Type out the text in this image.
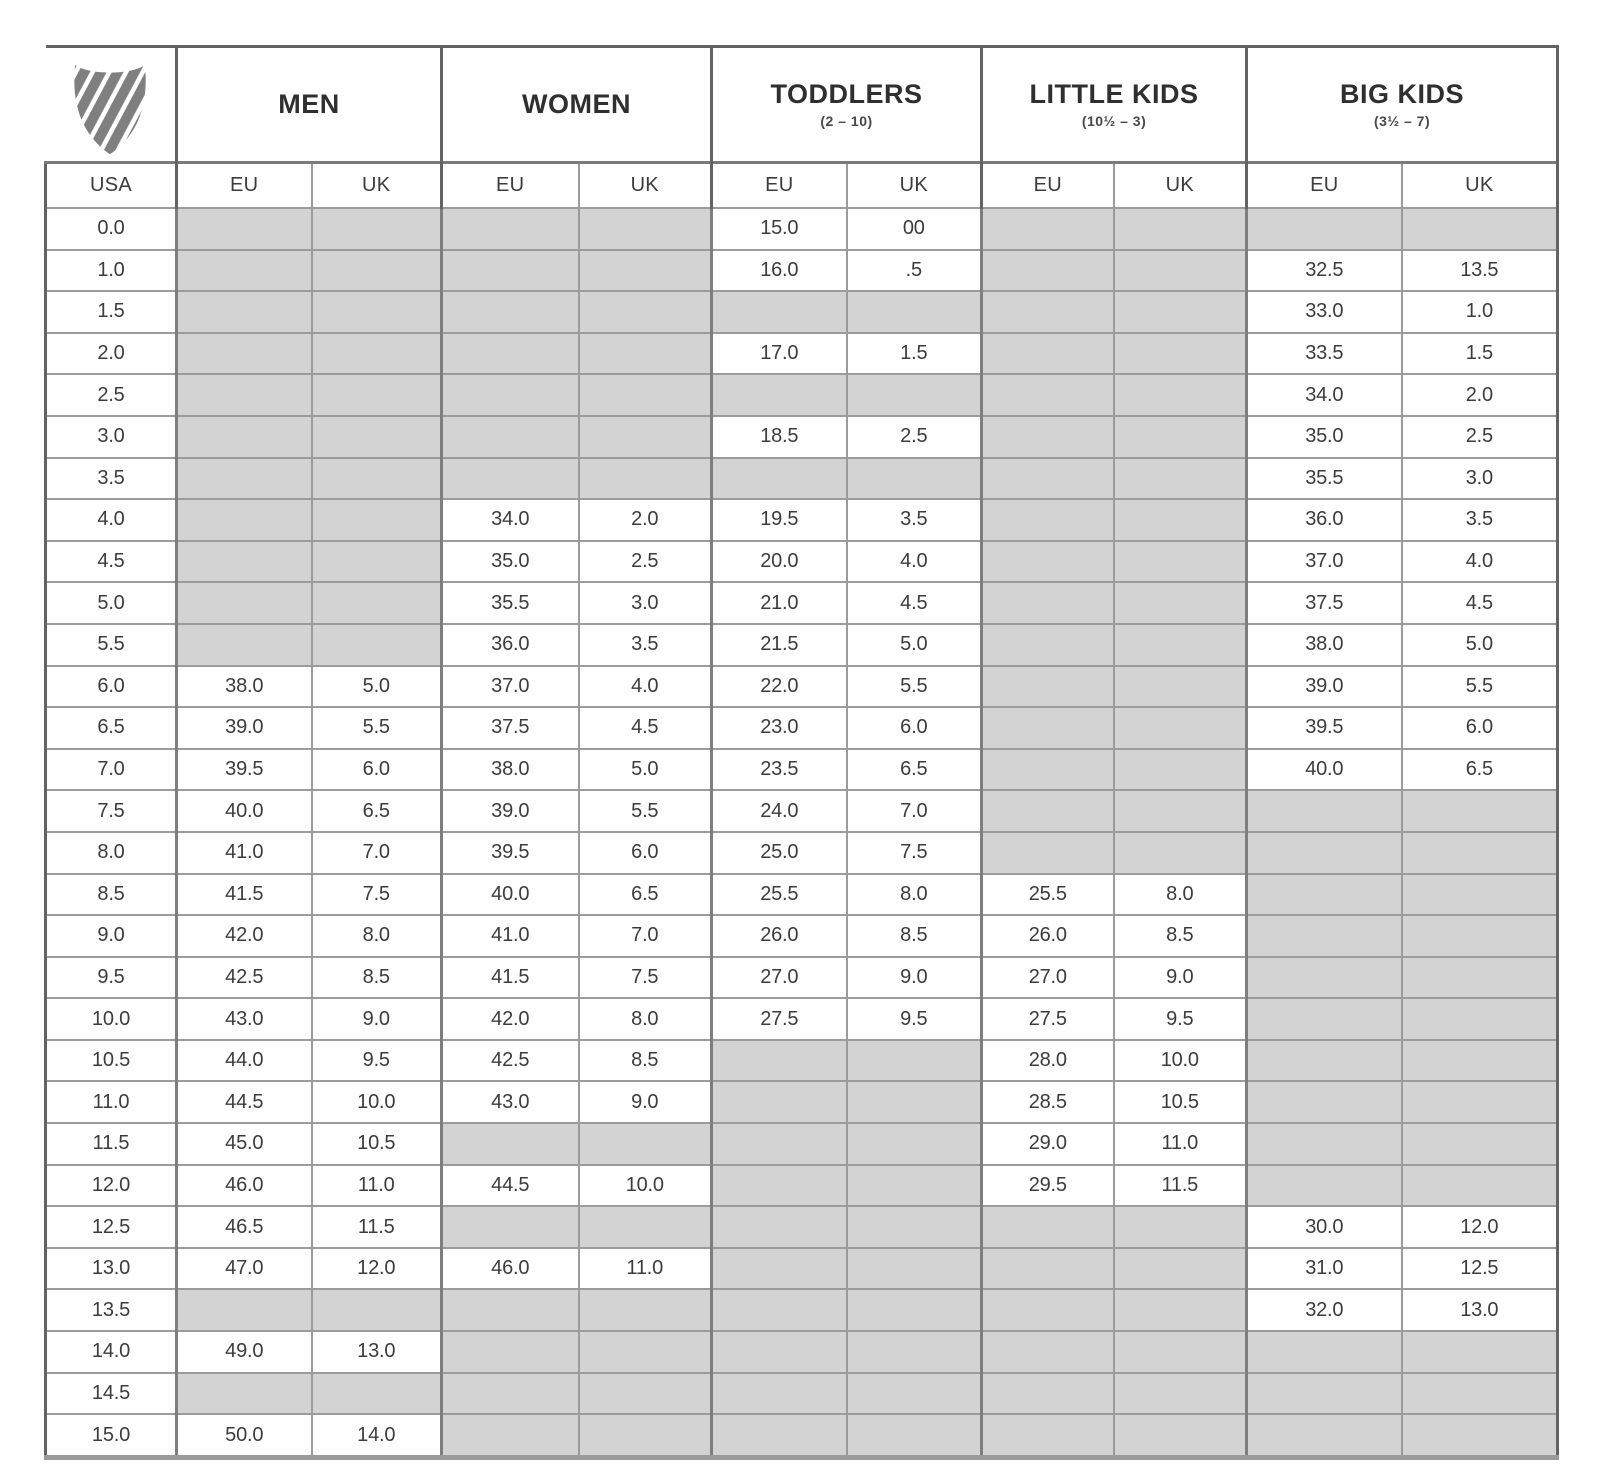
MEN	WOMEN	TODDLERS
(2 – 10)

LITTLE KIDS
(10½ – 3)

BIG KIDS
(3½ – 7)

USA	EU	UK	EU	UK	EU	UK	EU	UK	EU	UK
0.0					15.0	00				
1.0					16.0	.5			32.5	13.5
1.5									33.0	1.0
2.0					17.0	1.5			33.5	1.5
2.5									34.0	2.0
3.0					18.5	2.5			35.0	2.5
3.5									35.5	3.0
4.0			34.0	2.0	19.5	3.5			36.0	3.5
4.5			35.0	2.5	20.0	4.0			37.0	4.0
5.0			35.5	3.0	21.0	4.5			37.5	4.5
5.5			36.0	3.5	21.5	5.0			38.0	5.0
6.0	38.0	5.0	37.0	4.0	22.0	5.5			39.0	5.5
6.5	39.0	5.5	37.5	4.5	23.0	6.0			39.5	6.0
7.0	39.5	6.0	38.0	5.0	23.5	6.5			40.0	6.5
7.5	40.0	6.5	39.0	5.5	24.0	7.0				
8.0	41.0	7.0	39.5	6.0	25.0	7.5				
8.5	41.5	7.5	40.0	6.5	25.5	8.0	25.5	8.0		
9.0	42.0	8.0	41.0	7.0	26.0	8.5	26.0	8.5		
9.5	42.5	8.5	41.5	7.5	27.0	9.0	27.0	9.0		
10.0	43.0	9.0	42.0	8.0	27.5	9.5	27.5	9.5		
10.5	44.0	9.5	42.5	8.5			28.0	10.0		
11.0	44.5	10.0	43.0	9.0			28.5	10.5		
11.5	45.0	10.5					29.0	11.0		
12.0	46.0	11.0	44.5	10.0			29.5	11.5		
12.5	46.5	11.5							30.0	12.0
13.0	47.0	12.0	46.0	11.0					31.0	12.5
13.5									32.0	13.0
14.0	49.0	13.0								
14.5										
15.0	50.0	14.0								
